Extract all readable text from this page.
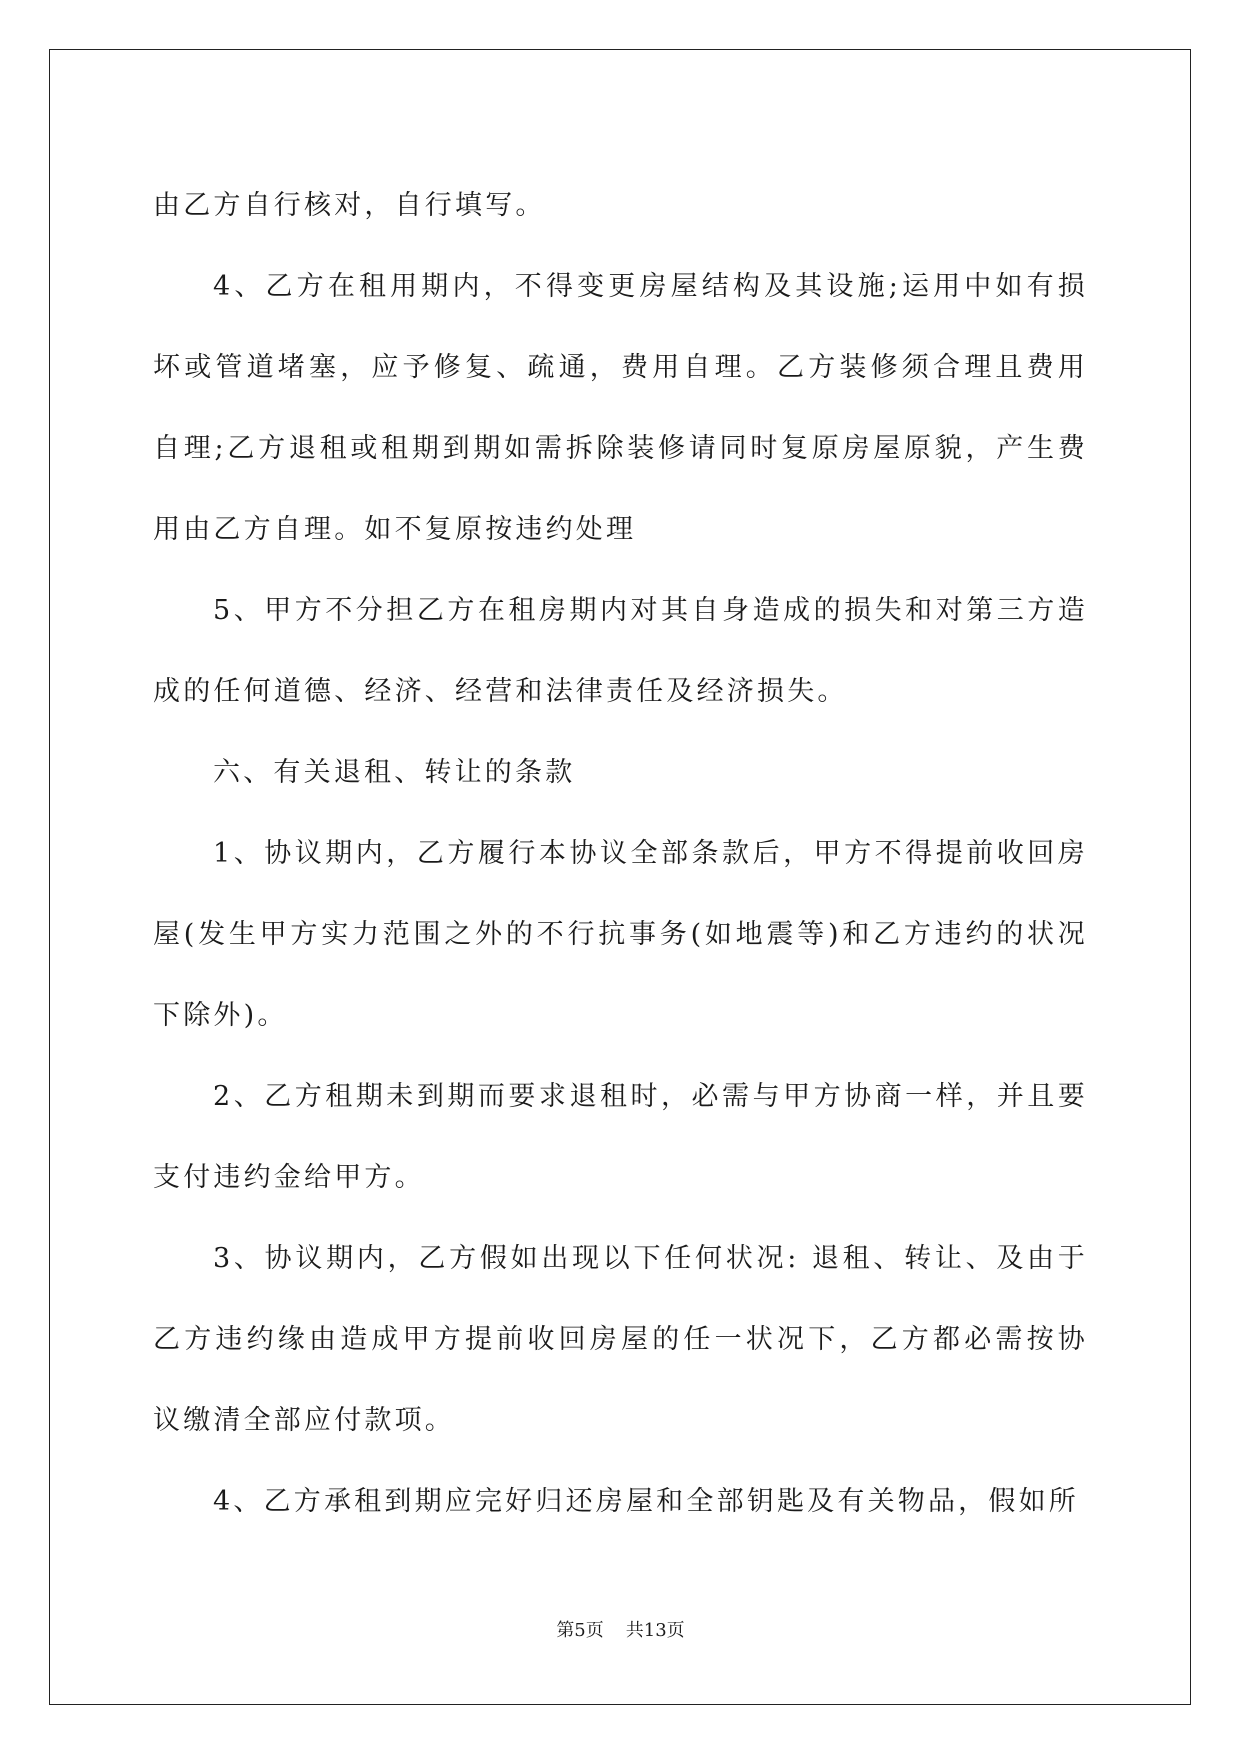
由乙方自行核对，自行填写。

4、乙方在租用期内，不得变更房屋结构及其设施;运用中如有损坏或管道堵塞，应予修复、疏通，费用自理。乙方装修须合理且费用自理;乙方退租或租期到期如需拆除装修请同时复原房屋原貌，产生费用由乙方自理。如不复原按违约处理

5、甲方不分担乙方在租房期内对其自身造成的损失和对第三方造成的任何道德、经济、经营和法律责任及经济损失。

六、有关退租、转让的条款

1、协议期内，乙方履行本协议全部条款后，甲方不得提前收回房屋(发生甲方实力范围之外的不行抗事务(如地震等)和乙方违约的状况下除外)。

2、乙方租期未到期而要求退租时，必需与甲方协商一样，并且要支付违约金给甲方。

3、协议期内，乙方假如出现以下任何状况: 退租、转让、及由于乙方违约缘由造成甲方提前收回房屋的任一状况下，乙方都必需按协议缴清全部应付款项。

4、乙方承租到期应完好归还房屋和全部钥匙及有关物品，假如所

第5页 共13页
